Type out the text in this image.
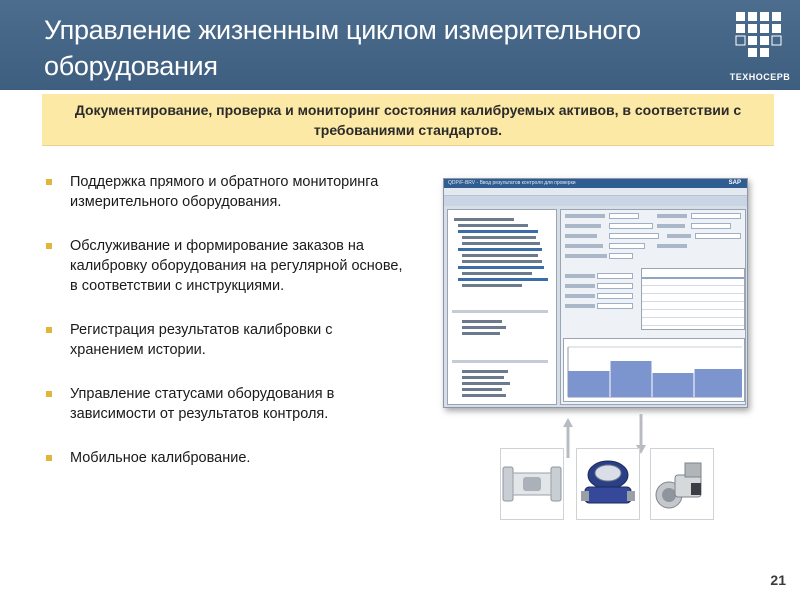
Управление жизненным циклом измерительного оборудования	ТЕХНОСЕРВ
Документирование, проверка и мониторинг состояния калибруемых активов, в соответствии с требованиями стандартов.
Поддержка прямого и обратного мониторинга измерительного оборудования.
Обслуживание и формирование заказов на калибровку оборудования на регулярной основе, в соответствии с инструкциями.
Регистрация результатов калибровки с хранением истории.
Управление статусами оборудования в зависимости от результатов контроля.
Мобильное калибрование.
QDP/F-BRV - Ввод результатов контроля для проверки	SAP
21
